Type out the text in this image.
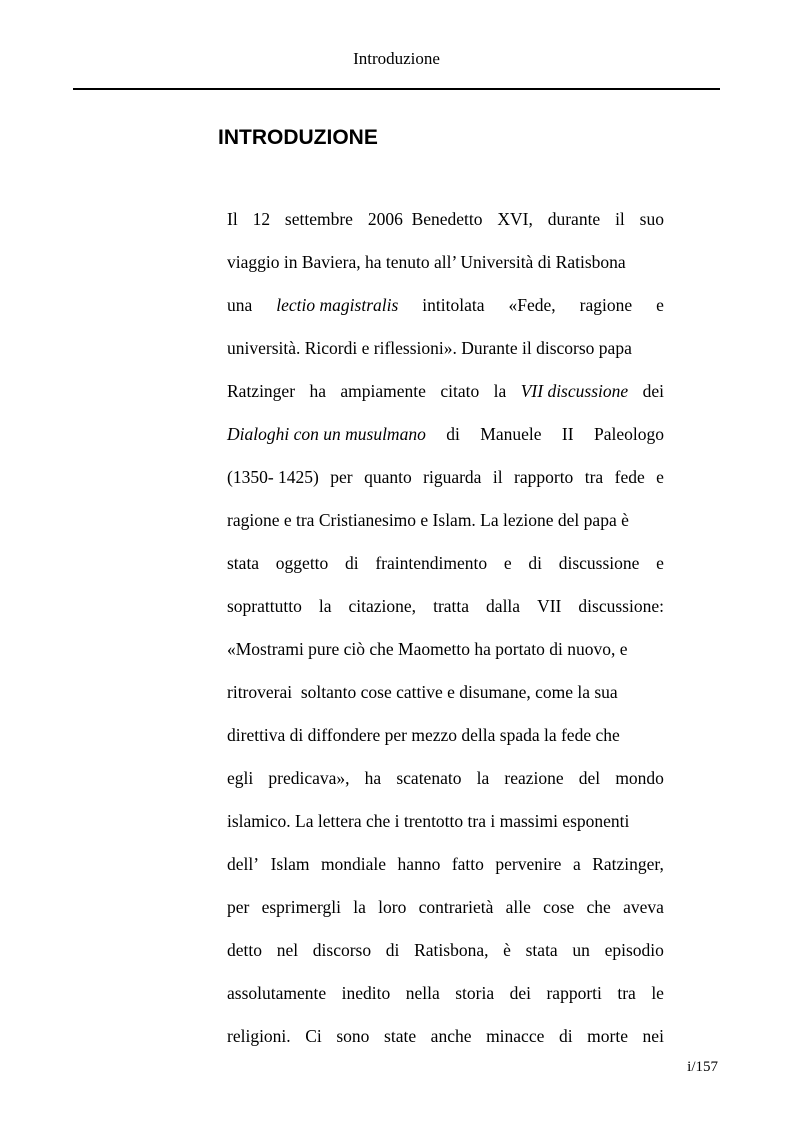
Introduzione
INTRODUZIONE
Il 12 settembre 2006  Benedetto XVI, durante il suo
viaggio in Baviera, ha tenuto all’ Università di Ratisbona
una lectio magistralis intitolata «Fede, ragione e
università. Ricordi e riflessioni». Durante il discorso papa
Ratzinger ha ampiamente citato la VII discussione dei
Dialoghi con un musulmano di Manuele II Paleologo
(1350- 1425) per quanto riguarda il rapporto tra fede e
ragione e tra Cristianesimo e Islam. La lezione del papa è
stata oggetto di fraintendimento e di discussione e
soprattutto la citazione, tratta dalla VII discussione:
«Mostrami pure ciò che Maometto ha portato di nuovo, e
ritroverai  soltanto cose cattive e disumane, come la sua
direttiva di diffondere per mezzo della spada la fede che
egli predicava», ha scatenato la reazione del mondo
islamico. La lettera che i trentotto tra i massimi esponenti
dell’ Islam mondiale hanno fatto pervenire a Ratzinger,
per esprimergli la loro contrarietà alle cose che aveva
detto nel discorso di Ratisbona, è stata un episodio
assolutamente inedito nella storia dei rapporti tra le
religioni. Ci sono state anche minacce di morte nei
i/157
